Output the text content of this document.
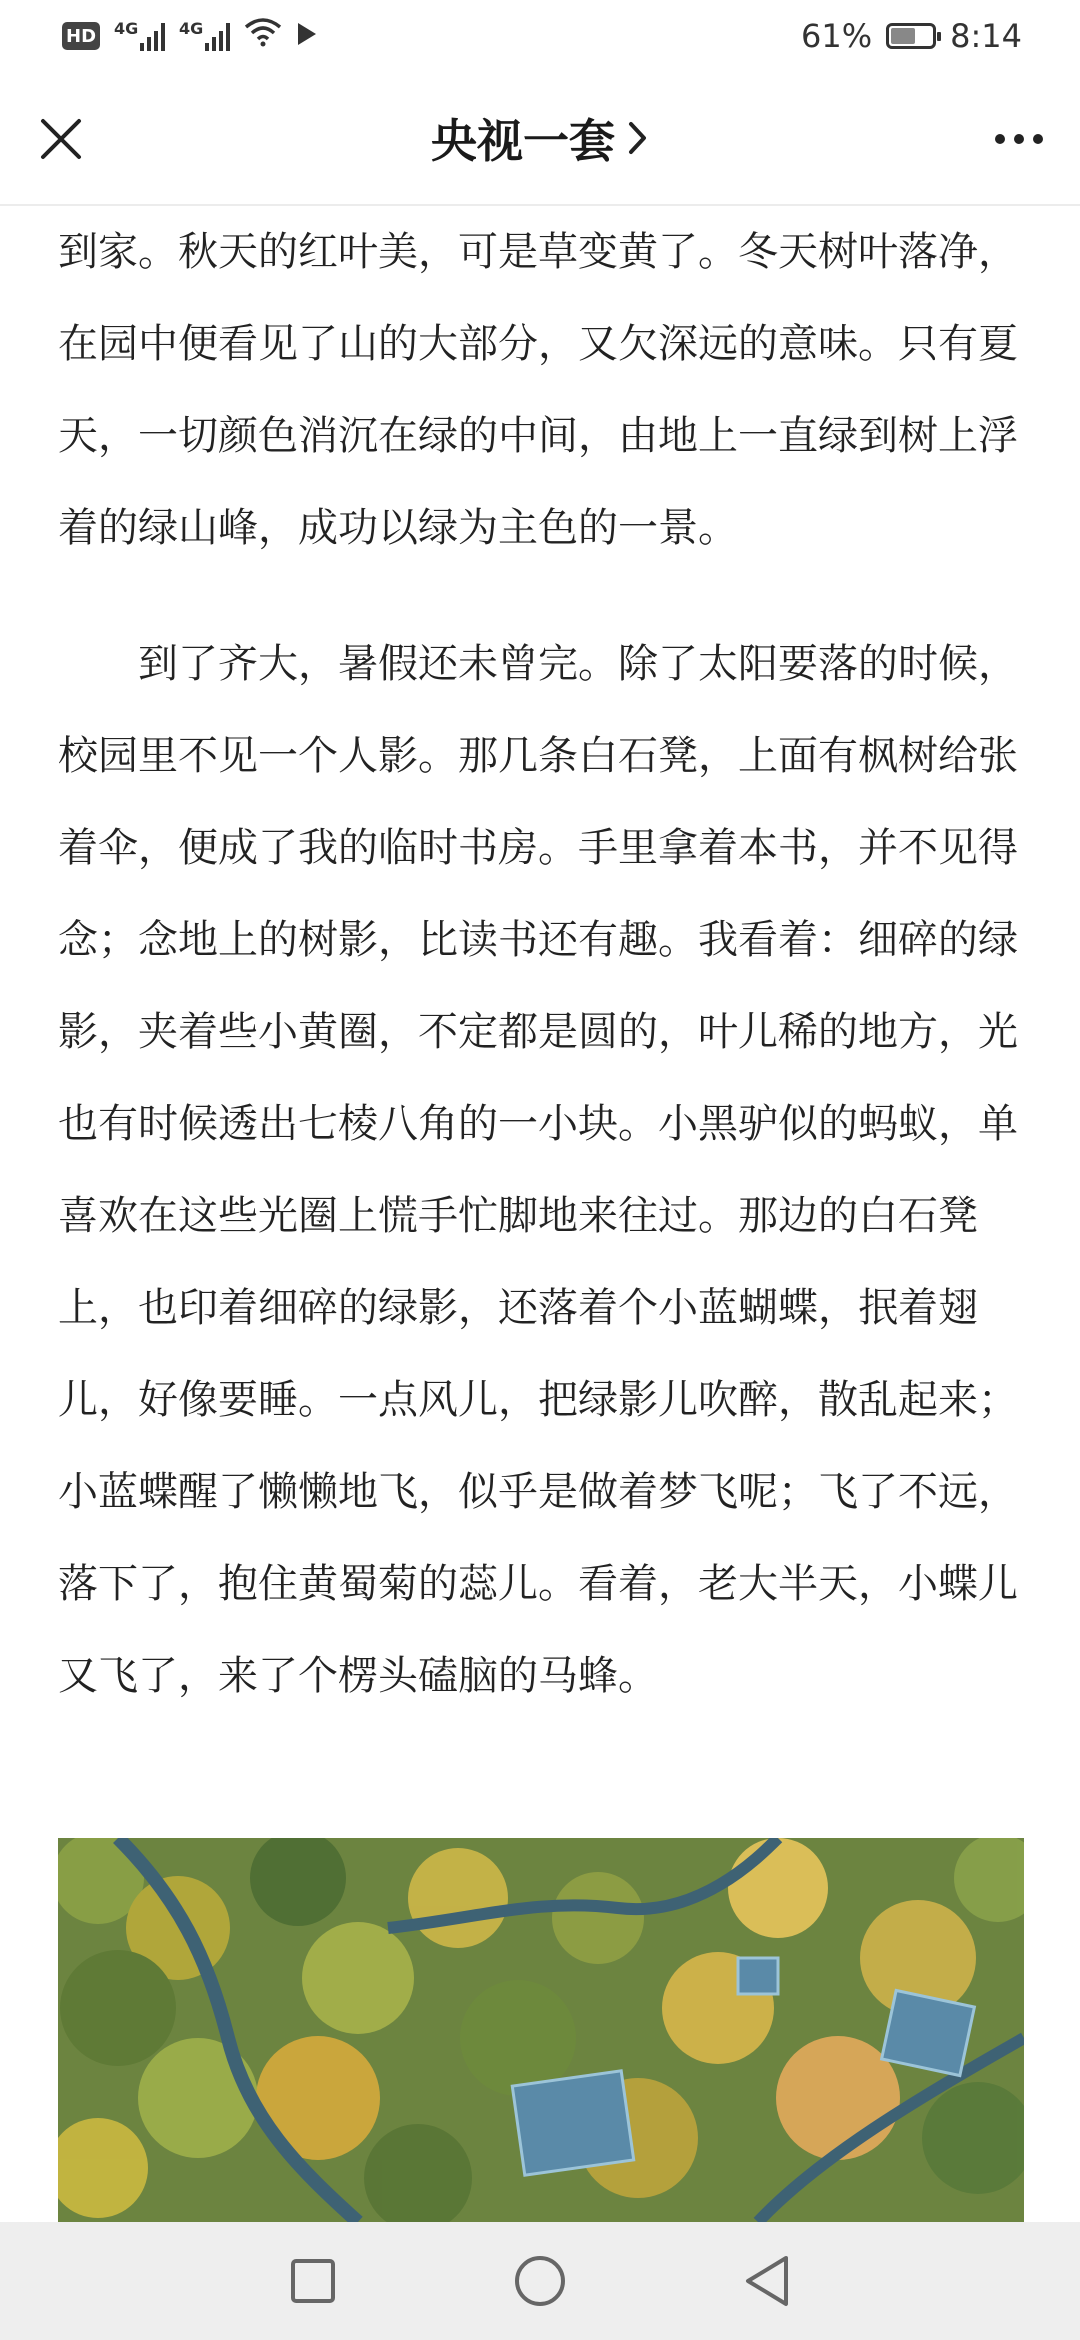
HD 4G	4G	61% 8:14
央视一套

到家。秋天的红叶美，可是草变黄了。冬天树叶落净，在园中便看见了山的大部分，又欠深远的意味。只有夏天，一切颜色消沉在绿的中间，由地上一直绿到树上浮着的绿山峰，成功以绿为主色的一景。

到了齐大，暑假还未曾完。除了太阳要落的时候，校园里不见一个人影。那几条白石凳，上面有枫树给张着伞，便成了我的临时书房。手里拿着本书，并不见得念；念地上的树影，比读书还有趣。我看着：细碎的绿影，夹着些小黄圈，不定都是圆的，叶儿稀的地方，光也有时候透出七棱八角的一小块。小黑驴似的蚂蚁，单喜欢在这些光圈上慌手忙脚地来往过。那边的白石凳上，也印着细碎的绿影，还落着个小蓝蝴蝶，抿着翅儿，好像要睡。一点风儿，把绿影儿吹醉，散乱起来；小蓝蝶醒了懒懒地飞，似乎是做着梦飞呢；飞了不远，落下了，抱住黄蜀菊的蕊儿。看着，老大半天，小蝶儿又飞了，来了个楞头磕脑的马蜂。
